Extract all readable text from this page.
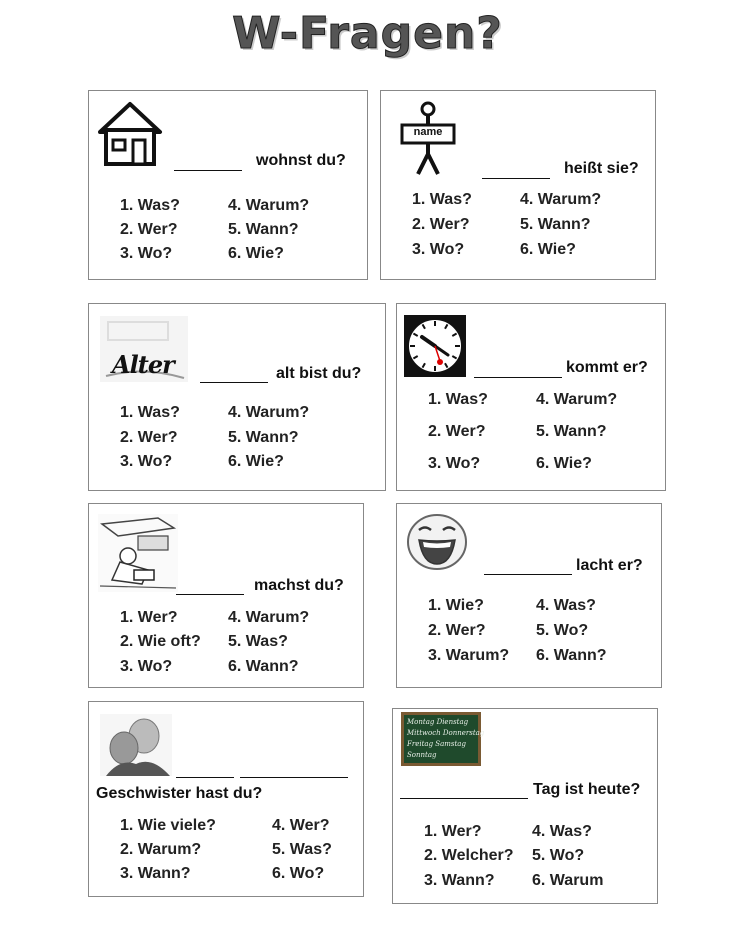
W-Fragen?
wohnst du?
1. Was?
2. Wer?
3. Wo?
4. Warum?
5. Wann?
6. Wie?
name
heißt sie?
1. Was?
2. Wer?
3. Wo?
4. Warum?
5. Wann?
6. Wie?
Alter	alt bist du?
1. Was?
2. Wer?
3. Wo?
4. Warum?
5. Wann?
6. Wie?
kommt er?
1. Was?
2. Wer?
3. Wo?
4. Warum?
5. Wann?
6. Wie?
machst du?
1. Wer?
2. Wie oft?
3. Wo?
4. Warum?
5. Was?
6. Wann?
lacht er?
1. Wie?
2. Wer?
3. Warum?
4. Was?
5. Wo?
6. Wann?
Geschwister hast du?
1. Wie viele?
2. Warum?
3. Wann?
4. Wer?
5. Was?
6. Wo?
Montag Dienstag
Mittwoch Donnerstag
Freitag Samstag
Sonntag
Tag ist heute?
1. Wer?
2. Welcher?
3. Wann?
4. Was?
5. Wo?
6. Warum
